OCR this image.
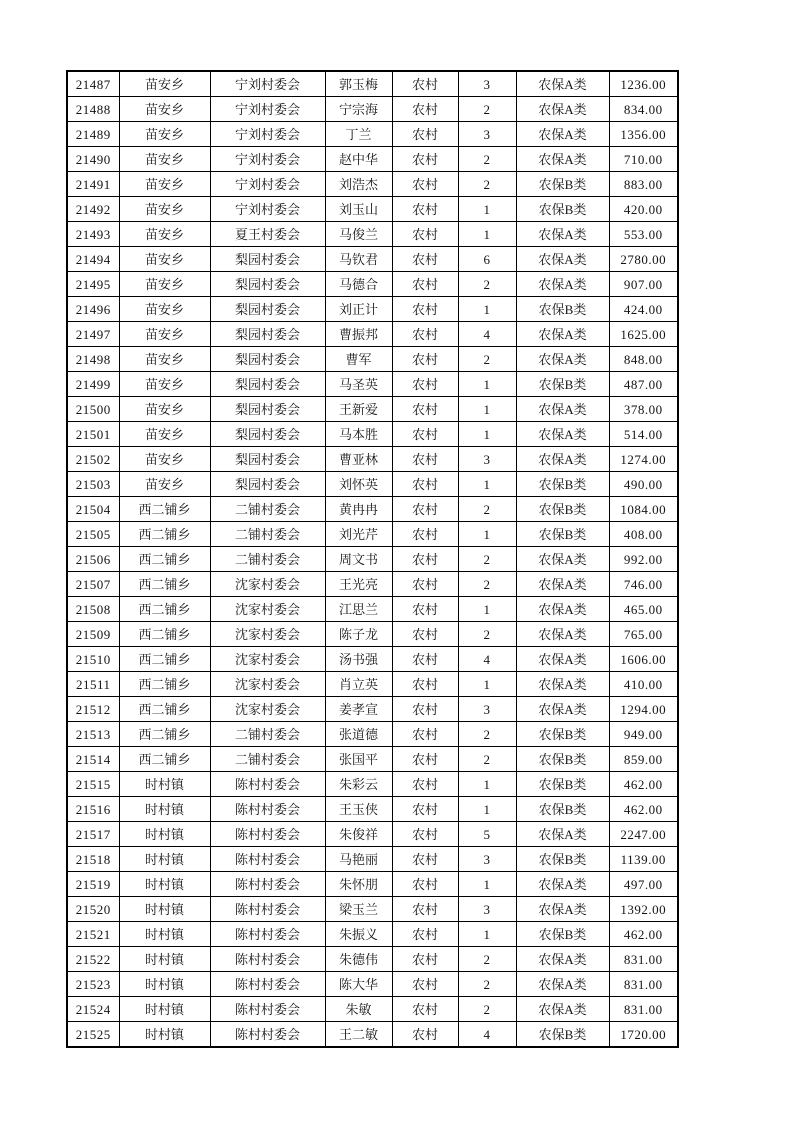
21487	苗安乡	宁刘村委会	郭玉梅	农村	3	农保A类	1236.00
21488	苗安乡	宁刘村委会	宁宗海	农村	2	农保A类	834.00
21489	苗安乡	宁刘村委会	丁兰	农村	3	农保A类	1356.00
21490	苗安乡	宁刘村委会	赵中华	农村	2	农保A类	710.00
21491	苗安乡	宁刘村委会	刘浩杰	农村	2	农保B类	883.00
21492	苗安乡	宁刘村委会	刘玉山	农村	1	农保B类	420.00
21493	苗安乡	夏王村委会	马俊兰	农村	1	农保A类	553.00
21494	苗安乡	梨园村委会	马钦君	农村	6	农保A类	2780.00
21495	苗安乡	梨园村委会	马德合	农村	2	农保A类	907.00
21496	苗安乡	梨园村委会	刘正计	农村	1	农保B类	424.00
21497	苗安乡	梨园村委会	曹振邦	农村	4	农保A类	1625.00
21498	苗安乡	梨园村委会	曹军	农村	2	农保A类	848.00
21499	苗安乡	梨园村委会	马圣英	农村	1	农保B类	487.00
21500	苗安乡	梨园村委会	王新爱	农村	1	农保A类	378.00
21501	苗安乡	梨园村委会	马本胜	农村	1	农保A类	514.00
21502	苗安乡	梨园村委会	曹亚林	农村	3	农保A类	1274.00
21503	苗安乡	梨园村委会	刘怀英	农村	1	农保B类	490.00
21504	西二铺乡	二铺村委会	黄冉冉	农村	2	农保B类	1084.00
21505	西二铺乡	二铺村委会	刘光芹	农村	1	农保B类	408.00
21506	西二铺乡	二铺村委会	周文书	农村	2	农保A类	992.00
21507	西二铺乡	沈家村委会	王光亮	农村	2	农保A类	746.00
21508	西二铺乡	沈家村委会	江思兰	农村	1	农保A类	465.00
21509	西二铺乡	沈家村委会	陈子龙	农村	2	农保A类	765.00
21510	西二铺乡	沈家村委会	汤书强	农村	4	农保A类	1606.00
21511	西二铺乡	沈家村委会	肖立英	农村	1	农保A类	410.00
21512	西二铺乡	沈家村委会	姜孝宣	农村	3	农保A类	1294.00
21513	西二铺乡	二铺村委会	张道德	农村	2	农保B类	949.00
21514	西二铺乡	二铺村委会	张国平	农村	2	农保B类	859.00
21515	时村镇	陈村村委会	朱彩云	农村	1	农保B类	462.00
21516	时村镇	陈村村委会	王玉侠	农村	1	农保B类	462.00
21517	时村镇	陈村村委会	朱俊祥	农村	5	农保A类	2247.00
21518	时村镇	陈村村委会	马艳丽	农村	3	农保B类	1139.00
21519	时村镇	陈村村委会	朱怀朋	农村	1	农保A类	497.00
21520	时村镇	陈村村委会	梁玉兰	农村	3	农保A类	1392.00
21521	时村镇	陈村村委会	朱振义	农村	1	农保B类	462.00
21522	时村镇	陈村村委会	朱德伟	农村	2	农保A类	831.00
21523	时村镇	陈村村委会	陈大华	农村	2	农保A类	831.00
21524	时村镇	陈村村委会	朱敏	农村	2	农保A类	831.00
21525	时村镇	陈村村委会	王二敏	农村	4	农保B类	1720.00
